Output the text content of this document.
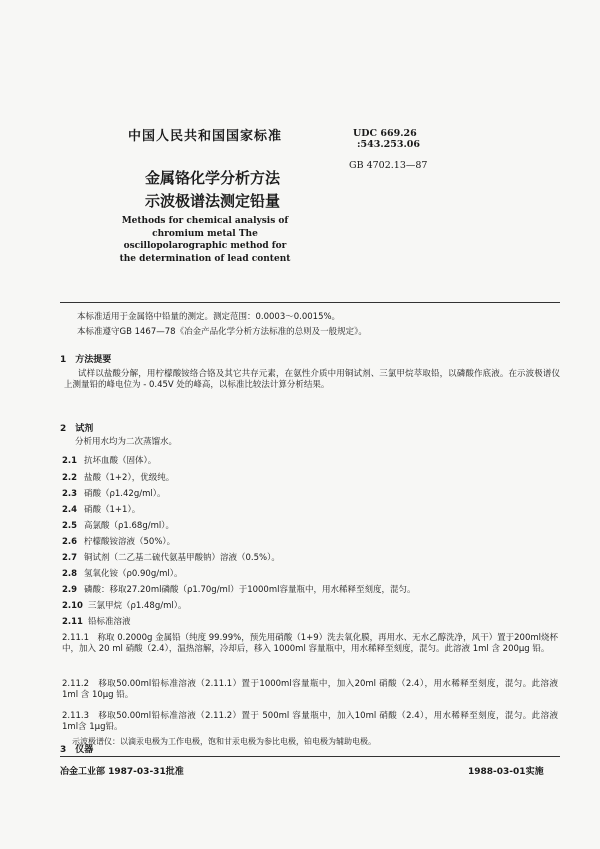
中国人民共和国国家标准	UDC 669.26
:543.253.06
GB 4702.13—87
金属铬化学分析方法
示波极谱法测定铅量
Methods for chemical analysis of chromium metal The oscillopolarographic method for the determination of lead content
本标准适用于金属铬中铅量的测定。测定范围：0.0003～0.0015%。
本标准遵守GB 1467—78《冶金产品化学分析方法标准的总则及一般规定》。
1　方法提要
试样以盐酸分解，用柠檬酸铵络合铬及其它共存元素，在氨性介质中用铜试剂、三氯甲烷萃取铅，以磷酸作底液。在示波极谱仪上测量铅的峰电位为 - 0.45V 处的峰高，以标准比较法计算分析结果。
2　试剂
分析用水均为二次蒸馏水。
2.1 抗坏血酸（固体）。
2.2 盐酸（1+2），优级纯。
2.3 硝酸（ρ1.42g/ml）。
2.4 硝酸（1+1）。
2.5 高氯酸（ρ1.68g/ml）。
2.6 柠檬酸铵溶液（50%）。
2.7 铜试剂（二乙基二硫代氨基甲酸钠）溶液（0.5%）。
2.8 氢氧化铵（ρ0.90g/ml）。
2.9 磷酸：移取27.20ml磷酸（ρ1.70g/ml）于1000ml容量瓶中，用水稀释至刻度，混匀。
2.10 三氯甲烷（ρ1.48g/ml）。
2.11 铅标准溶液
2.11.1　称取 0.2000g 金属铅（纯度 99.99%，预先用硝酸（1+9）洗去氧化膜，再用水、无水乙醇洗净，风干）置于200ml烧杯中，加入 20 ml 硝酸（2.4），温热溶解，冷却后，移入 1000ml 容量瓶中，用水稀释至刻度，混匀。此溶液 1ml 含 200μg 铅。
2.11.2　移取50.00ml铅标准溶液（2.11.1）置于1000ml容量瓶中，加入20ml 硝酸（2.4），用水稀释至刻度，混匀。此溶液 1ml 含 10μg 铅。
2.11.3　移取50.00ml铅标准溶液（2.11.2）置于 500ml 容量瓶中，加入10ml 硝酸（2.4），用水稀释至刻度，混匀。此溶液 1ml含 1μg铅。
3　仪器
示波极谱仪：以滴汞电极为工作电极，饱和甘汞电极为参比电极，铂电极为辅助电极。
冶金工业部 1987-03-31批准	1988-03-01实施
